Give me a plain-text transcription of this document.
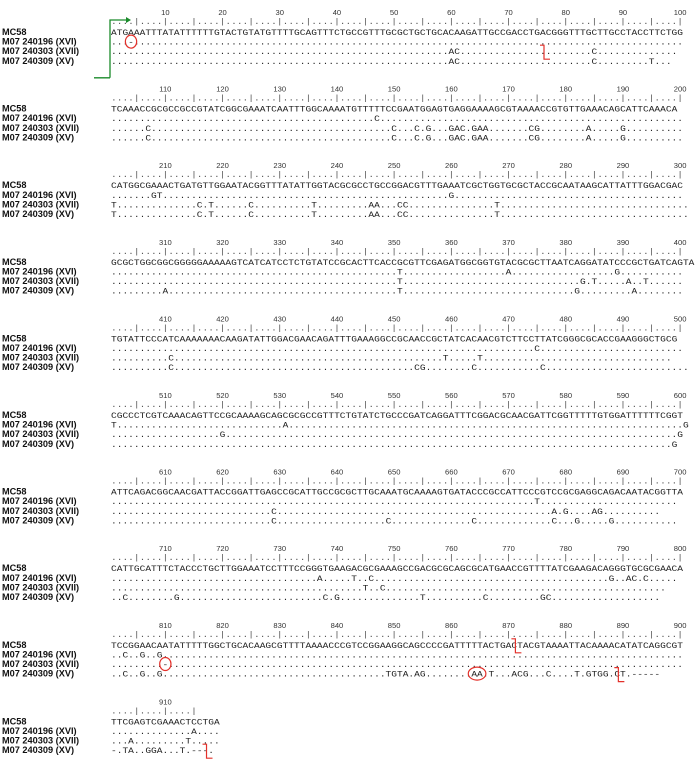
10	20	30	40	50	60	70	80	90	100
....|....|....|....|....|....|....|....|....|....|....|....|....|....|....|....|....|....|....|....|
MC58	ATGAAATTTATATTTTTTGTACTGTATGTTTTGCAGTTTCTGCCGTTTGCGCTGCTGCACAAGATTGCCGACCTGACGGGTTTGCTTGCCTACCTTCTGG
M07 240196 (XVI)	...-................................................................................................
M07 240303 (XVII)	...........................................................AC.......................C..............
M07 240309 (XV)	...........................................................AC.......................C.........T...
110	120	130	140	150	160	170	180	190	200
....|....|....|....|....|....|....|....|....|....|....|....|....|....|....|....|....|....|....|....|
MC58	TCAAACCGCGCCGCCGTATCGGCGAAATCAATTTGGCAAAATGTTTTTCCGAATGGAGTGAGGAAAAGCGTAAAACCGTGTTGAAACAGCATTCAAACA
M07 240196 (XVI)	..............................................C.....................................................
M07 240303 (XVII)	......C..........................................C...C.G...GAC.GAA.......CG........A.....G..........
M07 240309 (XV)	......C..........................................C...C.G...GAC.GAA.......CG........A.....G..........
210	220	230	240	250	260	270	280	290	300
....|....|....|....|....|....|....|....|....|....|....|....|....|....|....|....|....|....|....|....|
MC58	CATGGCGAAACTGATGTTGGAATACGGTTTATATTGGTACGCGCCTGCCGGACGTTTGAAATCGCTGGTGCGCTACCGCAATAAGCATTATTTGGACGAC
M07 240196 (XVI)	.......GT..................................................G........................................
M07 240303 (XVII)	T..............C.T......C..........T.........AA...CC...............T.................................
M07 240309 (XV)	T..............C.T......C..........T.........AA...CC...............T.................................
310	320	330	340	350	360	370	380	390	400
....|....|....|....|....|....|....|....|....|....|....|....|....|....|....|....|....|....|....|....|
MC58	GCGCTGGCGGCGGGGGAAAAAGTCATCATCCTCTGTATCCGCACTTCACCGCGTTCGAGATGGCGGTGTACGCGCTTAATCAGGATATCCCGCTGATCAGTA
M07 240196 (XVI)	..................................................T..................A..................G...........
M07 240303 (XVII)	..................................................T...............................G.T.....A..T......
M07 240309 (XV)	.........A........................................T..............................G.........A........
410	420	430	440	450	460	470	480	490	500
....|....|....|....|....|....|....|....|....|....|....|....|....|....|....|....|....|....|....|....|
MC58	TGTATTCCCATCAAAAAAACAAGATATTGGACGAACAGATTTGAAAGGCCGCAACCGCTATCACAACGTCTTCCTTATCGGGCGCACCGAAGGGCTGCG
M07 240196 (XVI)	..........................................................................C.........................
M07 240303 (XVII)	..........C...............................................T.....T.................................
M07 240309 (XV)	..........C..........................................CG........C...........C.........................
510	520	530	540	550	560	570	580	590	600
....|....|....|....|....|....|....|....|....|....|....|....|....|....|....|....|....|....|....|....|
MC58	CGCCCTCGTCAAACAGTTCCGCAAAAGCAGCGCGCCGTTTCTGTATCTGCCCGATCAGGATTTCGGACGCAACGATTCGGTTTTTGTGGATTTTTTCGGT
M07 240196 (XVI)	T.............................A.....................................................................G
M07 240303 (XVII)	...................G...............................................................................G
M07 240309 (XV)	..................................................................................................G
610	620	630	640	650	660	670	680	690	700
....|....|....|....|....|....|....|....|....|....|....|....|....|....|....|....|....|....|....|....|
MC58	ATTCAGACGGCAACGATTACCGGATTGAGCCGCATTGCCGCGCTTGCAAATGCAAAAGTGATACCCGCCATTCCCGTCCGCGAGGCAGACAATACGGTTA
M07 240196 (XVI)	..........................................................................T........................
M07 240303 (XVII)	............................C................................................A.G....AG..........
M07 240309 (XV)	............................C...................C..............C.............C...G.....G...........
710	720	730	740	750	760	770	780	790	800
....|....|....|....|....|....|....|....|....|....|....|....|....|....|....|....|....|....|....|....|
MC58	CATTGCATTTCTACCCTGCTTGGAAATCCTTTCCGGGTGAAGACGCGAAAGCCGACGCGCAGCGCATGAACCGTTTTATCGAAGACAGGGTGCGCGAACA
M07 240196 (XVI)	....................................A.....T..C.........................................G..AC.C.....
M07 240303 (XVII)	............................................T..C.................................................
M07 240309 (XV)	..C........G.........................C.G..............T..........C.........GC...................
810	820	830	840	850	860	870	880	890	900
....|....|....|....|....|....|....|....|....|....|....|....|....|....|....|....|....|....|....|....|
MC58	TCCGGAACAATATTTTTGGCTGCACAAGCGTTTTAAAACCCGTCCGGAAGGCAGCCCCGATTTTTACTGACTACGTAAAATTACAAAACATATCAGGCGT
M07 240196 (XVI)	..C..G..G...........................................................................................
M07 240303 (XVII)	.........-..........................................................................................
M07 240309 (XV)	..C..G..G.......................................TGTA.AG........AA.T...ACG...C....T.GTGG.CT.-----
910
....|....|....|
MC58	TTCGAGTCGAAACTCCTGA
M07 240196 (XVI)	..............A....
M07 240303 (XVII)	...A.........T.....
M07 240309 (XV)	-.TA..GGA...T.---.
